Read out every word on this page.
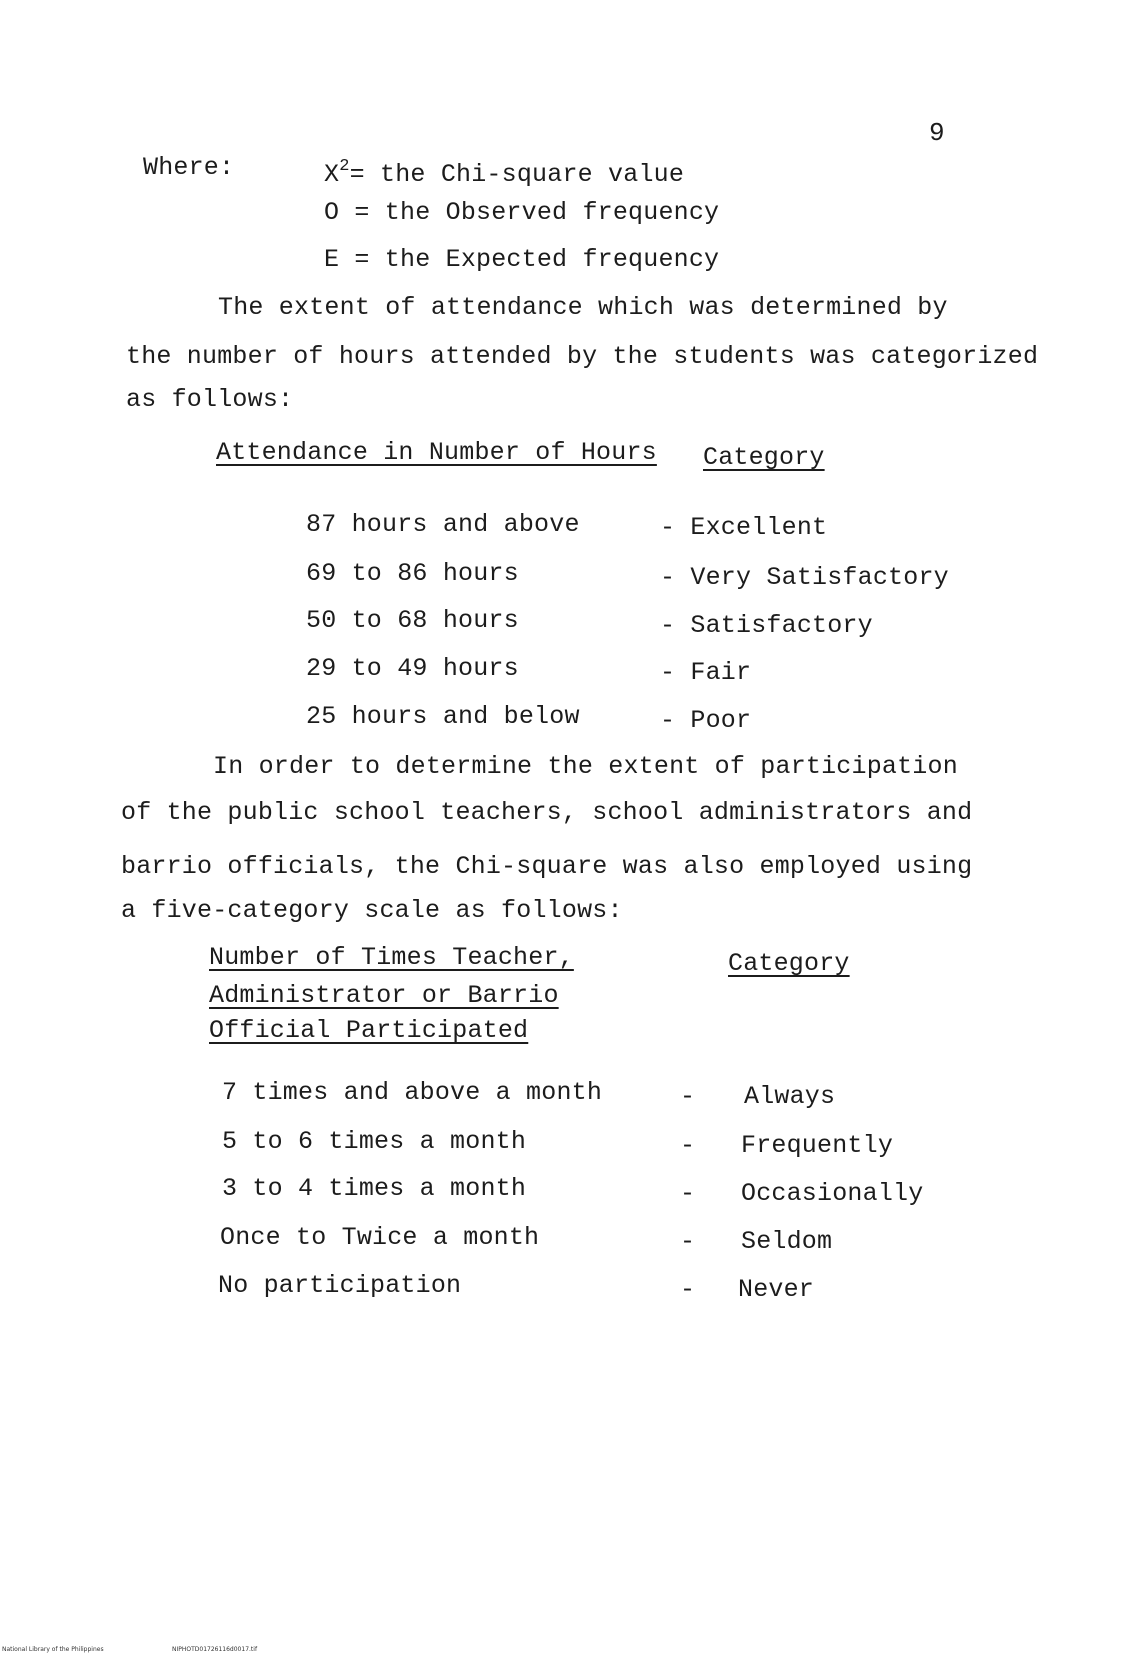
9
Where:	$X^2=$ the Chi-square value
O = the Observed frequency
E = the Expected frequency
The extent of attendance which was determined by
the number of hours attended by the students was categorized
as follows:
Attendance in Number of Hours Category
87 hours and above	- Excellent
69 to 86 hours	- Very Satisfactory
50 to 68 hours	- Satisfactory
29 to 49 hours	- Fair
25 hours and below	- Poor
In order to determine the extent of participation
of the public school teachers, school administrators and
barrio officials, the Chi-square was also employed using
a five-category scale as follows:
Number of Times Teacher,
Administrator or Barrio
Official Participated
Category
7 times and above a month	- Always
5 to 6 times a month	- Frequently
3 to 4 times a month	- Occasionally
Once to Twice a month	- Seldom
No participation	- Never
National Library of the Philippines	NIPHOTD01726116d0017.tif
